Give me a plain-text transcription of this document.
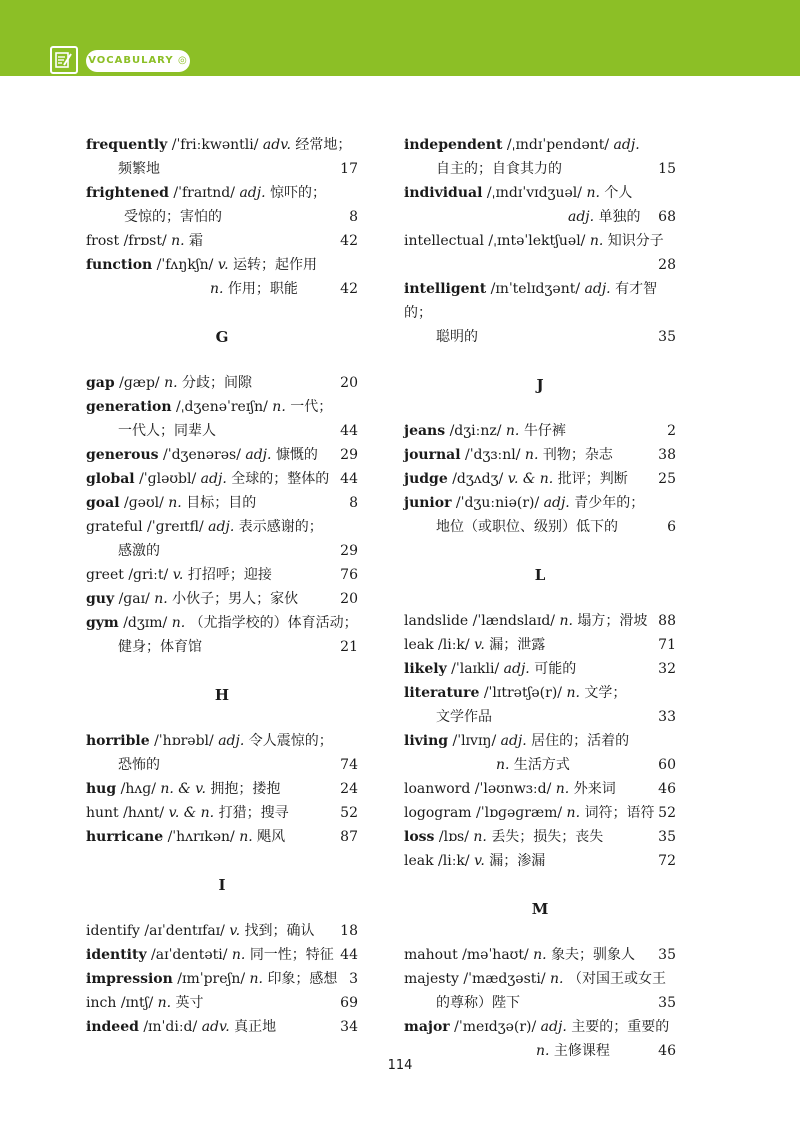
VOCABULARY ◎
frequently /ˈfriːkwəntli/ adv. 经常地；
频繁地	17
frightened /ˈfraɪtnd/ adj. 惊吓的；
受惊的；害怕的	8
frost /frɒst/ n. 霜	42
function /ˈfʌŋkʃn/ v. 运转；起作用
n. 作用；职能	42
G
gap /ɡæp/ n. 分歧；间隙	20
generation /ˌdʒenəˈreɪʃn/ n. 一代；
一代人；同辈人	44
generous /ˈdʒenərəs/ adj. 慷慨的 29
global /ˈɡləʊbl/ adj. 全球的；整体的 44
goal /ɡəʊl/ n. 目标；目的	8
grateful /ˈɡreɪtfl/ adj. 表示感谢的；
感激的	29
greet /ɡriːt/ v. 打招呼；迎接	76
guy /ɡaɪ/ n. 小伙子；男人；家伙	20
gym /dʒɪm/ n. （尤指学校的）体育活动；
健身；体育馆	21
H
horrible /ˈhɒrəbl/ adj. 令人震惊的；
恐怖的	74
hug /hʌɡ/ n. & v. 拥抱；搂抱	24
hunt /hʌnt/ v. & n. 打猎；搜寻	52
hurricane /ˈhʌrɪkən/ n. 飓风	87
I
identify /aɪˈdentɪfaɪ/ v. 找到；确认 18
identity /aɪˈdentəti/ n. 同一性；特征 44
impression /ɪmˈpreʃn/ n. 印象；感想 3
inch /ɪntʃ/ n. 英寸	69
indeed /ɪnˈdiːd/ adv. 真正地	34
independent /ˌɪndɪˈpendənt/ adj.
自主的；自食其力的	15
individual /ˌɪndɪˈvɪdʒuəl/ n. 个人
adj. 单独的	68
intellectual /ˌɪntəˈlektʃuəl/ n. 知识分子

28
intelligent /ɪnˈtelɪdʒənt/ adj. 有才智的；
聪明的	35
J
jeans /dʒiːnz/ n. 牛仔裤	2
journal /ˈdʒɜːnl/ n. 刊物；杂志	38
judge /dʒʌdʒ/ v. & n. 批评；判断 25
junior /ˈdʒuːniə(r)/ adj. 青少年的；
地位（或职位、级别）低下的	6
L
landslide /ˈlændslaɪd/ n. 塌方；滑坡 88
leak /liːk/ v. 漏；泄露	71
likely /ˈlaɪkli/ adj. 可能的	32
literature /ˈlɪtrətʃə(r)/ n. 文学；
文学作品	33
living /ˈlɪvɪŋ/ adj. 居住的；活着的
n. 生活方式	60
loanword /ˈləʊnwɜːd/ n. 外来词	46
logogram /ˈlɒɡəɡræm/ n. 词符；语符 52
loss /lɒs/ n. 丢失；损失；丧失	35
leak /liːk/ v. 漏；渗漏	72
M
mahout /məˈhaʊt/ n. 象夫；驯象人 35
majesty /ˈmædʒəsti/ n. （对国王或女王
的尊称）陛下	35
major /ˈmeɪdʒə(r)/ adj. 主要的；重要的
n. 主修课程	46
114
